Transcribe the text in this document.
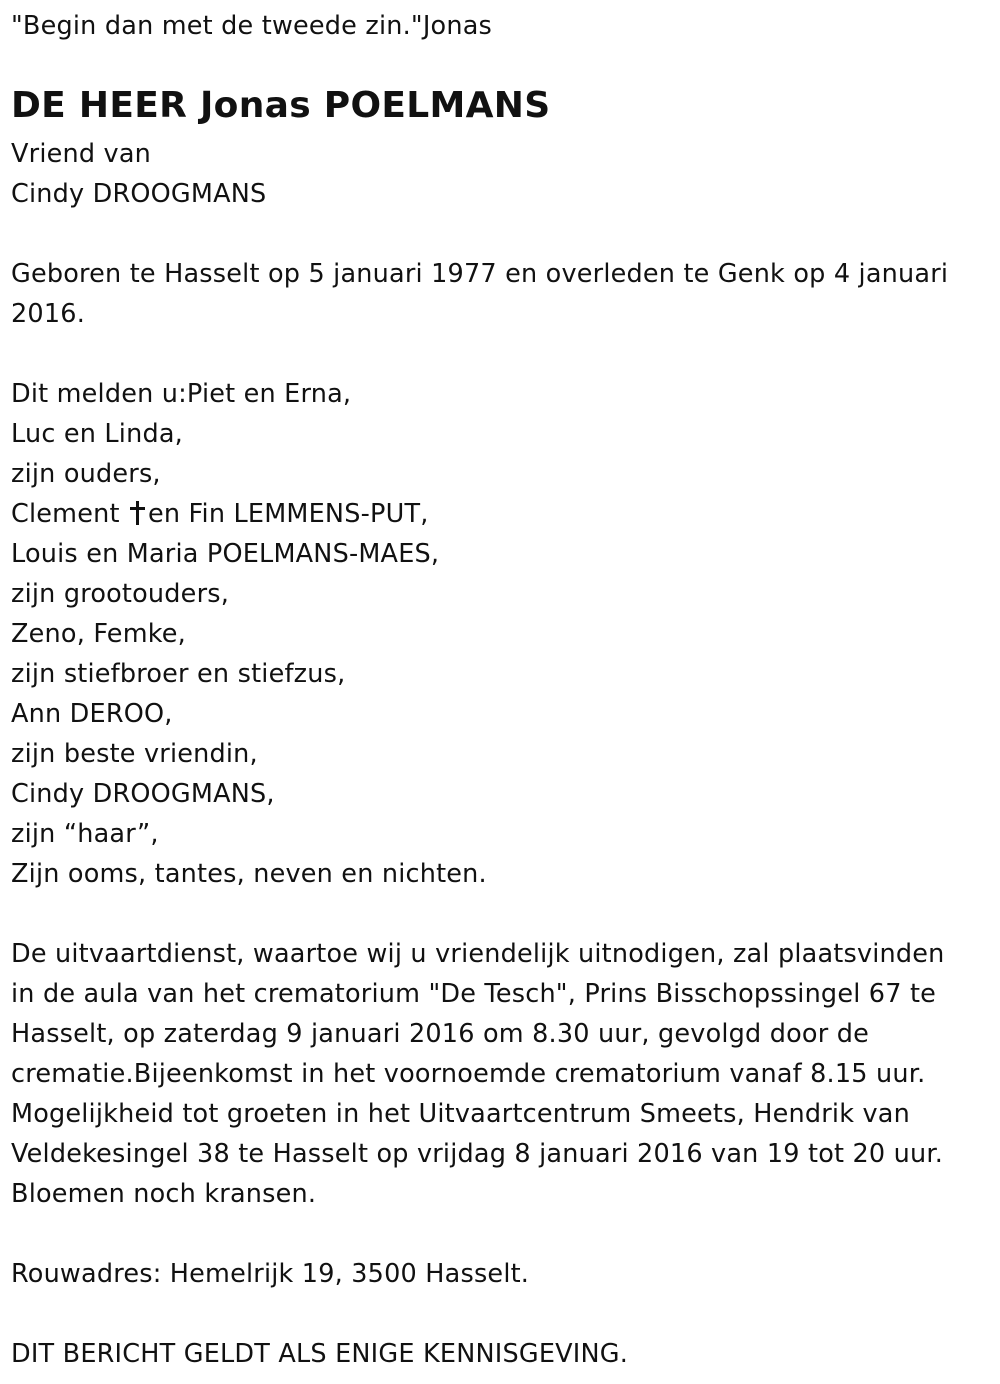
"Begin dan met de tweede zin."Jonas
DE HEER Jonas POELMANS
Vriend van
Cindy DROOGMANS
Geboren te Hasselt op 5 januari 1977 en overleden te Genk op 4 januari
2016.
Dit melden u:Piet en Erna,
Luc en Linda,
zijn ouders,
Clement en Fin LEMMENS-PUT,
Louis en Maria POELMANS-MAES,
zijn grootouders,
Zeno, Femke,
zijn stiefbroer en stiefzus,
Ann DEROO,
zijn beste vriendin,
Cindy DROOGMANS,
zijn “haar”,
Zijn ooms, tantes, neven en nichten.
De uitvaartdienst, waartoe wij u vriendelijk uitnodigen, zal plaatsvinden
in de aula van het crematorium "De Tesch", Prins Bisschopssingel 67 te
Hasselt, op zaterdag 9 januari 2016 om 8.30 uur, gevolgd door de
crematie.Bijeenkomst in het voornoemde crematorium vanaf 8.15 uur.
Mogelijkheid tot groeten in het Uitvaartcentrum Smeets, Hendrik van
Veldekesingel 38 te Hasselt op vrijdag 8 januari 2016 van 19 tot 20 uur.
Bloemen noch kransen.
Rouwadres: Hemelrijk 19, 3500 Hasselt.
DIT BERICHT GELDT ALS ENIGE KENNISGEVING.
